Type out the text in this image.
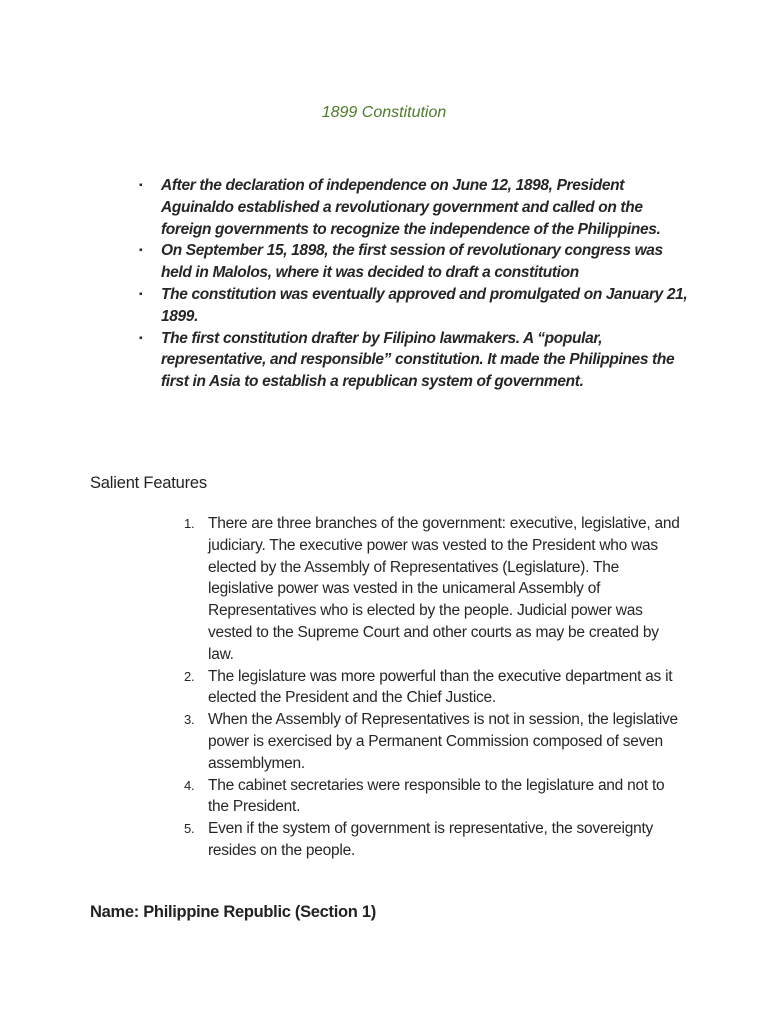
1899 Constitution
▪ After the declaration of independence on June 12, 1898, President Aguinaldo established a revolutionary government and called on the foreign governments to recognize the independence of the Philippines.
▪ On September 15, 1898, the first session of revolutionary congress was held in Malolos, where it was decided to draft a constitution
▪ The constitution was eventually approved and promulgated on January 21, 1899.
▪ The first constitution drafter by Filipino lawmakers. A “popular, representative, and responsible” constitution. It made the Philippines the first in Asia to establish a republican system of government.
Salient Features
1. There are three branches of the government: executive, legislative, and judiciary. The executive power was vested to the President who was elected by the Assembly of Representatives (Legislature). The legislative power was vested in the unicameral Assembly of Representatives who is elected by the people. Judicial power was vested to the Supreme Court and other courts as may be created by law.
2. The legislature was more powerful than the executive department as it elected the President and the Chief Justice.
3. When the Assembly of Representatives is not in session, the legislative power is exercised by a Permanent Commission composed of seven assemblymen.
4. The cabinet secretaries were responsible to the legislature and not to the President.
5. Even if the system of government is representative, the sovereignty resides on the people.

Name: Philippine Republic (Section 1)
